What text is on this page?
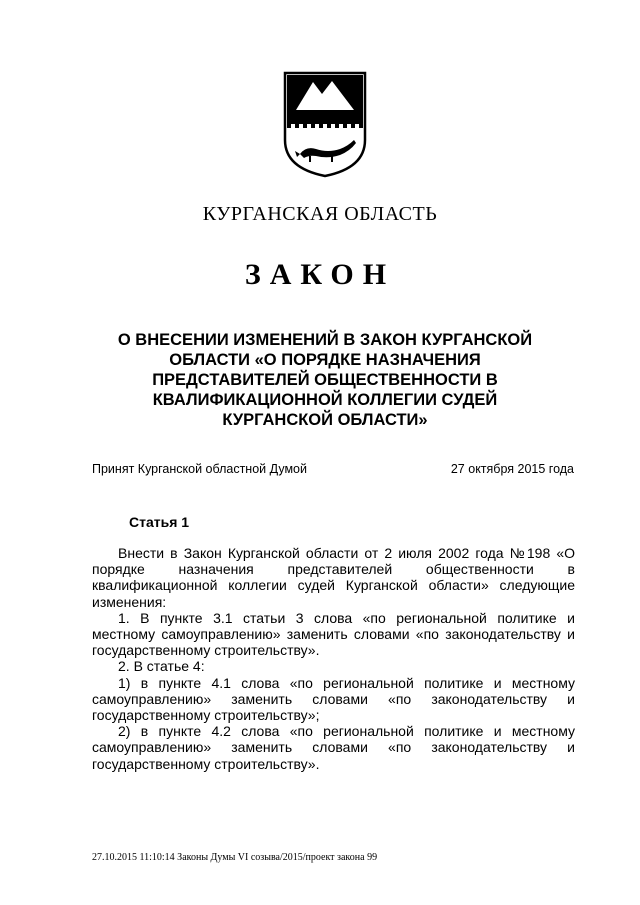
КУРГАНСКАЯ ОБЛАСТЬ
ЗАКОН
О ВНЕСЕНИИ ИЗМЕНЕНИЙ В ЗАКОН КУРГАНСКОЙ ОБЛАСТИ «О ПОРЯДКЕ НАЗНАЧЕНИЯ ПРЕДСТАВИТЕЛЕЙ ОБЩЕСТВЕННОСТИ В КВАЛИФИКАЦИОННОЙ КОЛЛЕГИИ СУДЕЙ КУРГАНСКОЙ ОБЛАСТИ»
Принят Курганской областной Думой	27 октября 2015 года
Статья 1

Внести в Закон Курганской области от 2 июля 2002 года №198 «О порядке назначения представителей общественности в квалификационной коллегии судей Курганской области» следующие изменения:

1. В пункте 3.1 статьи 3 слова «по региональной политике и местному самоуправлению» заменить словами «по законодательству и государственному строительству».

2. В статье 4:

1) в пункте 4.1 слова «по региональной политике и местному самоуправлению» заменить словами «по законодательству и государственному строительству»;

2) в пункте 4.2 слова «по региональной политике и местному самоуправлению» заменить словами «по законодательству и государственному строительству».

27.10.2015 11:10:14 Законы Думы VI созыва/2015/проект закона 99
